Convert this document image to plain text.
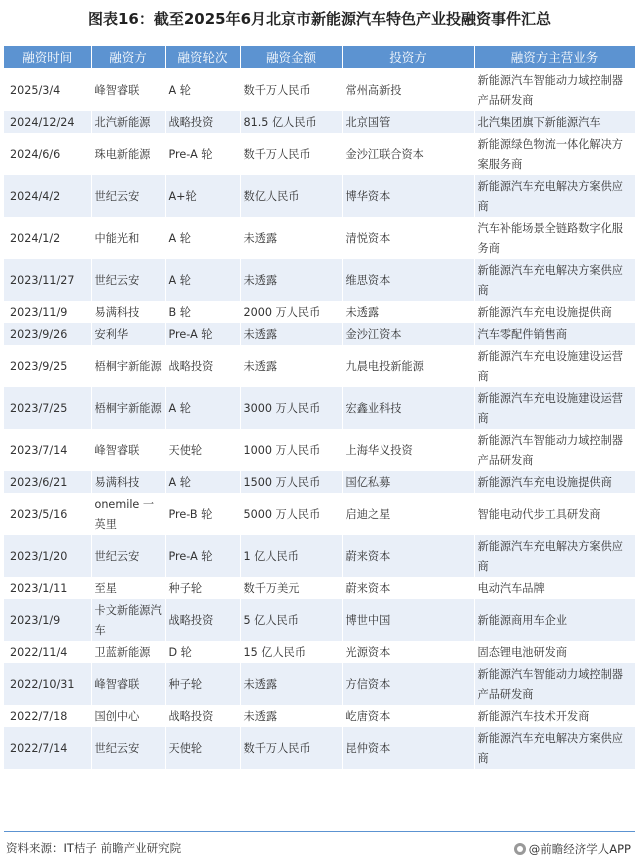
图表16：截至2025年6月北京市新能源汽车特色产业投融资事件汇总
融资时间	融资方	融资轮次	融资金额	投资方	融资方主营业务
2025/3/4	峰智睿联	A 轮	数千万人民币	常州高新投	新能源汽车智能动力域控制器产品研发商
2024/12/24	北汽新能源	战略投资	81.5 亿人民币	北京国管	北汽集团旗下新能源汽车
2024/6/6	珠电新能源	Pre-A 轮	数千万人民币	金沙江联合资本	新能源绿色物流一体化解决方案服务商
2024/4/2	世纪云安	A+轮	数亿人民币	博华资本	新能源汽车充电解决方案供应商
2024/1/2	中能光和	A 轮	未透露	清悦资本	汽车补能场景全链路数字化服务商
2023/11/27	世纪云安	A 轮	未透露	维思资本	新能源汽车充电解决方案供应商
2023/11/9	易满科技	B 轮	2000 万人民币	未透露	新能源汽车充电设施提供商
2023/9/26	安利华	Pre-A 轮	未透露	金沙江资本	汽车零配件销售商
2023/9/25	梧桐宇新能源	战略投资	未透露	九晨电投新能源	新能源汽车充电设施建设运营商
2023/7/25	梧桐宇新能源	A 轮	3000 万人民币	宏鑫业科技	新能源汽车充电设施建设运营商
2023/7/14	峰智睿联	天使轮	1000 万人民币	上海华义投资	新能源汽车智能动力域控制器产品研发商
2023/6/21	易满科技	A 轮	1500 万人民币	国亿私募	新能源汽车充电设施提供商
2023/5/16	onemile 一英里	Pre-B 轮	5000 万人民币	启迪之星	智能电动代步工具研发商
2023/1/20	世纪云安	Pre-A 轮	1 亿人民币	蔚来资本	新能源汽车充电解决方案供应商
2023/1/11	至星	种子轮	数千万美元	蔚来资本	电动汽车品牌
2023/1/9	卡文新能源汽车	战略投资	5 亿人民币	博世中国	新能源商用车企业
2022/11/4	卫蓝新能源	D 轮	15 亿人民币	光源资本	固态锂电池研发商
2022/10/31	峰智睿联	种子轮	未透露	方信资本	新能源汽车智能动力域控制器产品研发商
2022/7/18	国创中心	战略投资	未透露	屹唐资本	新能源汽车技术开发商
2022/7/14	世纪云安	天使轮	数千万人民币	昆仲资本	新能源汽车充电解决方案供应商
资料来源：IT桔子 前瞻产业研究院	@前瞻经济学人APP
